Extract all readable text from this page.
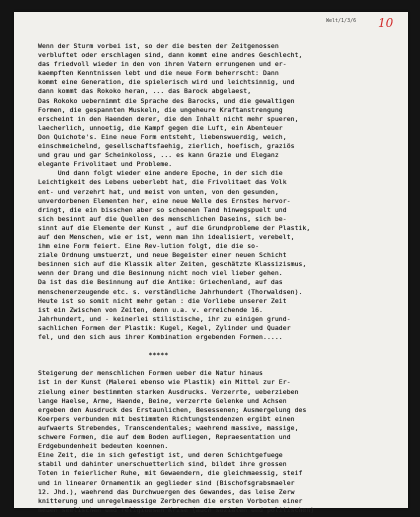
Welt/1/3/6 10
Wenn der Sturm vorbei ist, so der die besten der Zeitgenossen
verbluftet oder erschlagen sind, dann kommt eine andres Geschlecht,
das friedvoll wieder in den von ihren Vatern errungenen und er-
kaempften Kenntnissen lebt und die neue Form beherrscht: Dann
kommt eine Generation, die spielerisch wird und leichtsinnig, und
dann kommt das Rokoko heran, ... das Barock abgelaest,
Das Rokoko uebernimmt die Sprache des Barocks, und die gewaltigen
Formen, die gespannten Muskeln, die ungeheure Kraftanstrengung
erscheint in den Haenden derer, die den Inhalt nicht mehr spueren,
laecherlich, unnoetig, die Kampf gegen die Luft, ein Abenteuer
Don Quichote's. Eine neue Form entsteht, liebenswuerdig, weich,
einschmeichelnd, gesellschaftsfaehig, zierlich, hoefisch, graziös
und grau und gar Scheinkoloss, ... es kann Grazie und Eleganz
elegante Frivolitaet und Probleme.
Und dann folgt wieder eine andere Epoche, in der sich die
Leichtigkeit des Lebens ueberlebt hat, die Frivolitaet das Volk
ent- und verzehrt hat, und meist von unten, von den gesunden,
unverdorbenen Elementen her, eine neue Welle des Ernstes hervor-
dringt, die ein bisschen aber so schoenen Tand hinwegspuelt und
sich besinnt auf die Quellen des menschlichen Daseins, sich be-
sinnt auf die Elemente der Kunst , auf die Grundprobleme der Plastik,
auf den Menschen, wie er ist, wenn man ihn idealisiert, verebelt,
ihm eine Form feiert. Eine Rev-lution folgt, die die so-
ziale Ordnung umstuerzt, und neue Begeister einer neuen Schicht
besinnen sich auf die Klassik alter Zeiten, geschätzte Klassizismus,
wenn der Drang und die Besinnung nicht noch viel lieber gehen.
Da ist das die Besinnung auf die Antike: Griechenland, auf das
menschenerzeugende etc. s. verständliche Jahrhundert (Thorwaldsen).
Heute ist so somit nicht mehr getan : die Vorliebe unserer Zeit
ist ein Zwischen von Zeiten, denn u.a. v. erreichende 16.
Jahrhundert, und - keinerlei stilistische, ihr zu einigen grund-
sachlichen Formen der Plastik: Kugel, Kegel, Zylinder und Quader
fel, und den sich aus ihrer Kombination ergebenden Formen.....
*****
Steigerung der menschlichen Formen ueber die Natur hinaus
ist in der Kunst (Malerei ebenso wie Plastik) ein Mittel zur Er-
zielung einer bestimmten starken Ausdrucks. Verzerrte, ueberzieben
lange Haelse, Arme, Haende, Beine, verzerrte Gelenke und Achsen
ergeben den Ausdruck des Erstaunlichen, Besessenen; Ausmergelung des
Koerpers verbunden mit bestimmten Richtungstendenzen ergibt einen
aufwaerts Strebendes, Transcendentales; waehrend massive, massige,
schwere Formen, die auf dem Boden aufliegen, Repraesentation und
Erdgebundenheit bedeuten koennen.
Eine Zeit, die in sich gefestigt ist, und deren Schichtgefuege
stabil und dahinter unerschuetterlich sind, bildet ihre grossen
Toten in feierlicher Ruhe, mit Gewaendern, die gleichmaessig, steif
und in linearer Ornamentik an geglieder sind (Bischofsgrabsmaeler
12. Jhd.), waehrend das Durchwuergen des Gewandes, das leise Zerw
knitterung und unregelmaessige Zerbrechen die ersten Vorboten einer
neuen seelischen und religioesen Krise (auch sozialen und politischen)
